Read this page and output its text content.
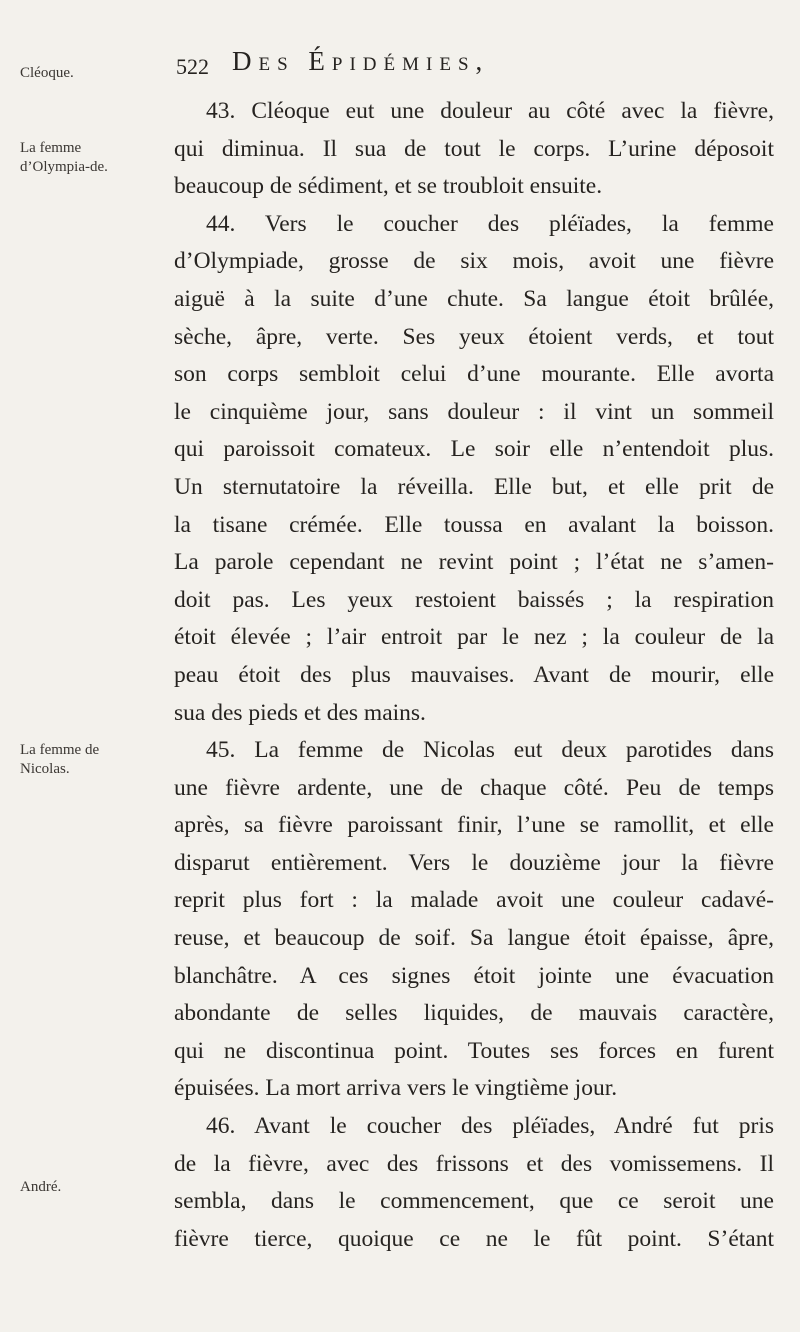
522 Des Épidémies,
Cléoque.
La femme d’Olympia-de.
La femme de Nicolas.
André.
43. Cléoque eut une douleur au côté avec la fièvre,
qui diminua. Il sua de tout le corps. L’urine déposoit
beaucoup de sédiment, et se troubloit ensuite.
44. Vers le coucher des pléïades, la femme
d’Olympiade, grosse de six mois, avoit une fièvre
aiguë à la suite d’une chute. Sa langue étoit brûlée,
sèche, âpre, verte. Ses yeux étoient verds, et tout
son corps sembloit celui d’une mourante. Elle avorta
le cinquième jour, sans douleur : il vint un sommeil
qui paroissoit comateux. Le soir elle n’entendoit plus.
Un sternutatoire la réveilla. Elle but, et elle prit de
la tisane crémée. Elle toussa en avalant la boisson.
La parole cependant ne revint point ; l’état ne s’amen-
doit pas. Les yeux restoient baissés ; la respiration
étoit élevée ; l’air entroit par le nez ; la couleur de la
peau étoit des plus mauvaises. Avant de mourir, elle
sua des pieds et des mains.
45. La femme de Nicolas eut deux parotides dans
une fièvre ardente, une de chaque côté. Peu de temps
après, sa fièvre paroissant finir, l’une se ramollit, et elle
disparut entièrement. Vers le douzième jour la fièvre
reprit plus fort : la malade avoit une couleur cadavé-
reuse, et beaucoup de soif. Sa langue étoit épaisse, âpre,
blanchâtre. A ces signes étoit jointe une évacuation
abondante de selles liquides, de mauvais caractère,
qui ne discontinua point. Toutes ses forces en furent
épuisées. La mort arriva vers le vingtième jour.
46. Avant le coucher des pléïades, André fut pris
de la fièvre, avec des frissons et des vomissemens. Il
sembla, dans le commencement, que ce seroit une
fièvre tierce, quoique ce ne le fût point. S’étant
